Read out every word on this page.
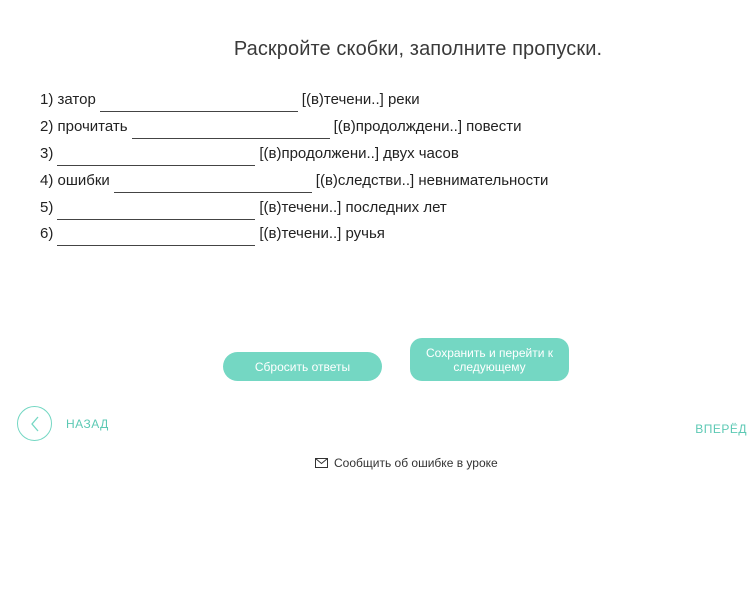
Раскройте скобки, заполните пропуски.
1) затор	[(в)течени..] реки
2) прочитать	[(в)продолждени..] повести
3)	[(в)продолжени..] двух часов
4) ошибки	[(в)следстви..] невнимательности
5)	[(в)течени..] последних лет
6)	[(в)течени..] ручья
Сбросить ответы
Сохранить и перейти к следующему
НАЗАД	ВПЕРЁД
Сообщить об ошибке в уроке
